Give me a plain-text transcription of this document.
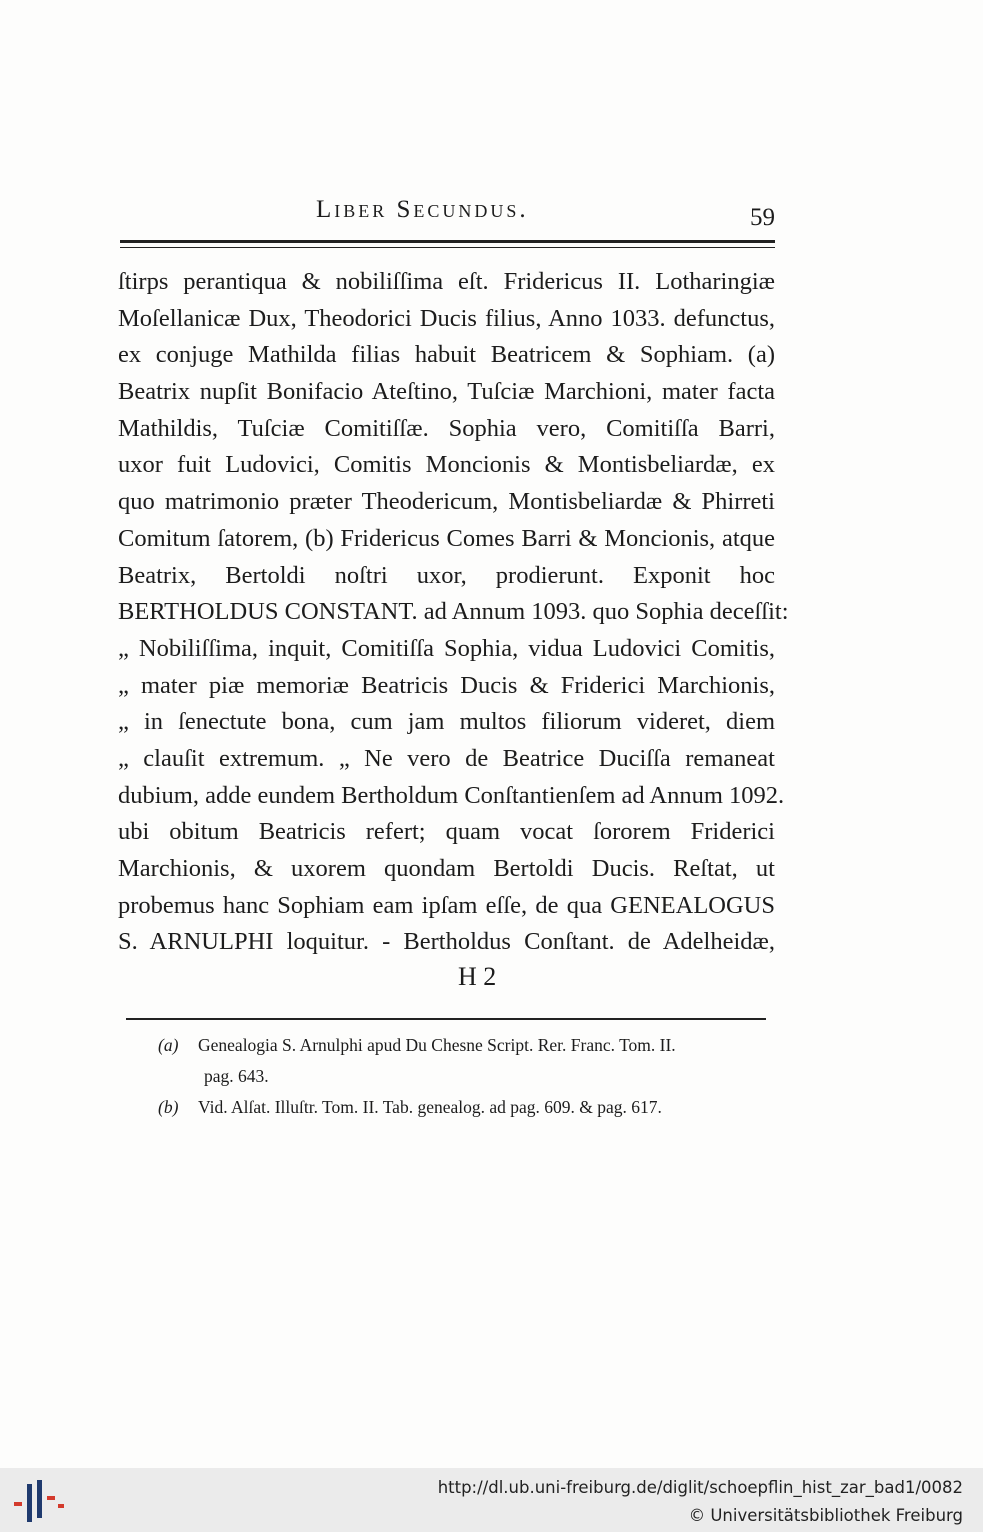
Liber Secundus.	59
ſtirps perantiqua & nobiliſſima eſt. Fridericus II. Lotharingiæ
Moſellanicæ Dux, Theodorici Ducis filius, Anno 1033. defunctus,
ex conjuge Mathilda filias habuit Beatricem & Sophiam. (a)
Beatrix nupſit Bonifacio Ateſtino, Tuſciæ Marchioni, mater facta
Mathildis, Tuſciæ Comitiſſæ. Sophia vero, Comitiſſa Barri,
uxor fuit Ludovici, Comitis Moncionis & Montisbeliardæ, ex
quo matrimonio præter Theodericum, Montisbeliardæ & Phirreti
Comitum ſatorem, (b) Fridericus Comes Barri & Moncionis, atque
Beatrix, Bertoldi noſtri uxor, prodierunt. Exponit hoc
BERTHOLDUS CONSTANT. ad Annum 1093. quo Sophia deceſſit:
„ Nobiliſſima, inquit, Comitiſſa Sophia, vidua Ludovici Comitis,
„ mater piæ memoriæ Beatricis Ducis & Friderici Marchionis,
„ in ſenectute bona, cum jam multos filiorum videret, diem
„ clauſit extremum. „ Ne vero de Beatrice Duciſſa remaneat
dubium, adde eundem Bertholdum Conſtantienſem ad Annum 1092.
ubi obitum Beatricis refert; quam vocat ſororem Friderici
Marchionis, & uxorem quondam Bertoldi Ducis. Reſtat, ut
probemus hanc Sophiam eam ipſam eſſe, de qua GENEALOGUS
S. ARNULPHI loquitur. - Bertholdus Conſtant. de Adelheidæ,
H 2
(a) Genealogia S. Arnulphi apud Du Chesne Script. Rer. Franc. Tom. II.
pag. 643.
(b) Vid. Alſat. Illuſtr. Tom. II. Tab. genealog. ad pag. 609. & pag. 617.
http://dl.ub.uni-freiburg.de/diglit/schoepflin_hist_zar_bad1/0082
© Universitätsbibliothek Freiburg
